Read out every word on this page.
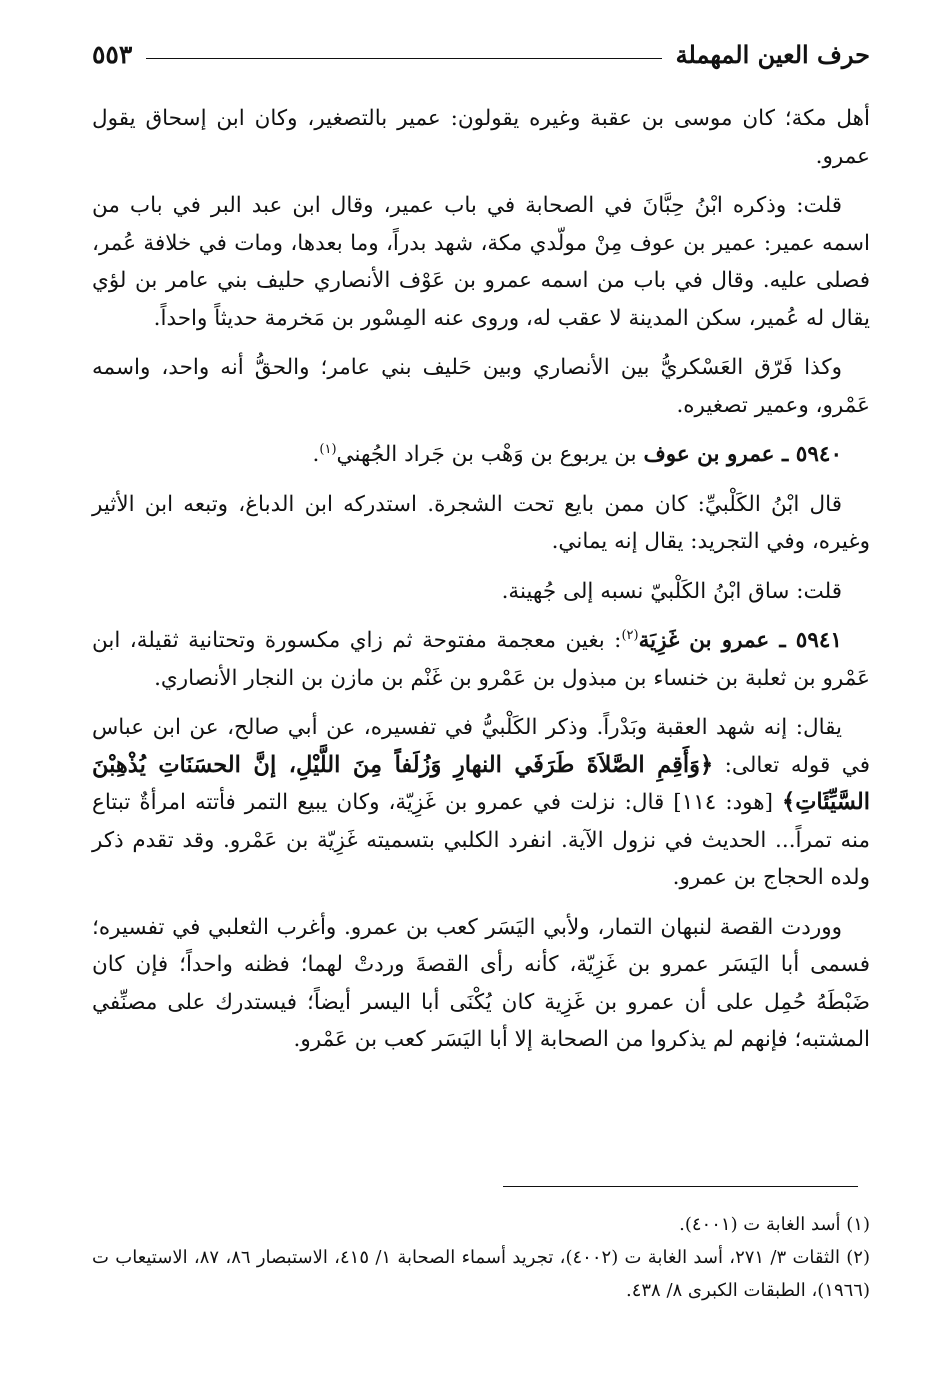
حرف العين المهملة
٥٥٣

أهل مكة؛ كان موسى بن عقبة وغيره يقولون: عمير بالتصغير، وكان ابن إسحاق يقول عمرو.

قلت: وذكره ابْنُ حِبَّانَ في الصحابة في باب عمير، وقال ابن عبد البر في باب من اسمه عمير: عمير بن عوف مِنْ مولّدي مكة، شهد بدراً، وما بعدها، ومات في خلافة عُمر، فصلى عليه. وقال في باب من اسمه عمرو بن عَوْف الأنصاري حليف بني عامر بن لؤي يقال له عُمير، سكن المدينة لا عقب له، وروى عنه المِسْور بن مَخرمة حديثاً واحداً.

وكذا فَرّق العَسْكريُّ بين الأنصاري وبين حَليف بني عامر؛ والحقُّ أنه واحد، واسمه عَمْرو، وعمير تصغيره.

٥٩٤٠ ـ عمرو بن عوف بن يربوع بن وَهْب بن جَراد الجُهني$^{(١)}$.

قال ابْنُ الكَلْبيِّ: كان ممن بايع تحت الشجرة. استدركه ابن الدباغ، وتبعه ابن الأثير وغيره، وفي التجريد: يقال إنه يماني.

قلت: ساق ابْنُ الكَلْبيّ نسبه إلى جُهينة.

٥٩٤١ ـ عمرو بن غَزِيَة$^{(٢)}$: بغين معجمة مفتوحة ثم زاي مكسورة وتحتانية ثقيلة، ابن عَمْرو بن ثعلبة بن خنساء بن مبذول بن عَمْرو بن غَنْم بن مازن بن النجار الأنصاري.

يقال: إنه شهد العقبة وبَدْراً. وذكر الكَلْبيُّ في تفسيره، عن أبي صالح، عن ابن عباس في قوله تعالى: ﴿وَأَقِمِ الصَّلاَةَ طَرَفَي النهارِ وَزُلَفاً مِنَ اللَّيْلِ، إنَّ الحسَنَاتِ يُذْهِبْنَ السَّيِّئَاتِ﴾ [هود: ١١٤] قال: نزلت في عمرو بن غَزِيّة، وكان يبيع التمر فأتته امرأةٌ تبتاع منه تمراً... الحديث في نزول الآية. انفرد الكلبي بتسميته غَزِيّة بن عَمْرو. وقد تقدم ذكر ولده الحجاج بن عمرو.

ووردت القصة لنبهان التمار، ولأبي اليَسَر كعب بن عمرو. وأغرب الثعلبي في تفسيره؛ فسمى أبا اليَسَر عمرو بن غَزِيّة، كأنه رأى القصةَ وردتْ لهما؛ فظنه واحداً؛ فإن كان ضَبْطَهُ حُمِل على أن عمرو بن غَزِية كان يُكْنَى أبا اليسر أيضاً؛ فيستدرك على مصنِّفي المشتبه؛ فإنهم لم يذكروا من الصحابة إلا أبا اليَسَر كعب بن عَمْرو.

(١) أسد الغابة ت (٤٠٠١).

(٢) الثقات ٣/ ٢٧١، أسد الغابة ت (٤٠٠٢)، تجريد أسماء الصحابة ١/ ٤١٥، الاستبصار ٨٦، ٨٧، الاستيعاب ت (١٩٦٦)، الطبقات الكبرى ٨/ ٤٣٨.
